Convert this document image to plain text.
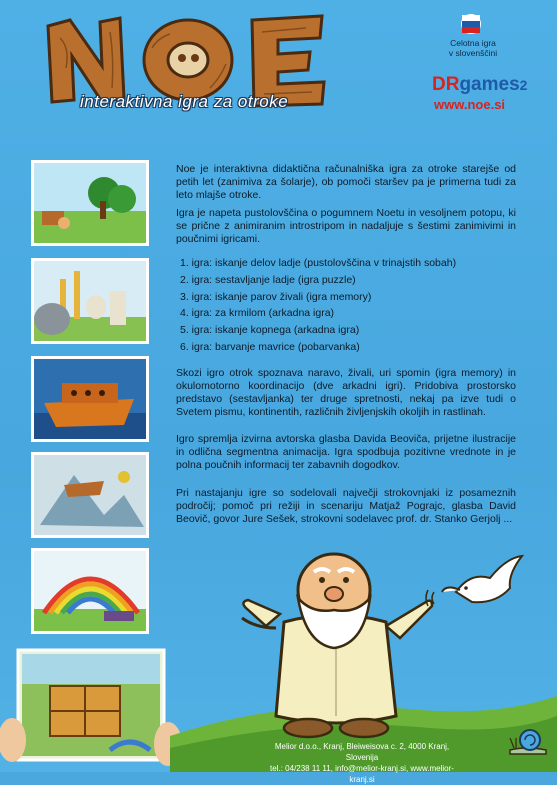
interaktivna igra za otroke
Celotna igra
v slovenščini
DRgames2
www.noe.si

Noe je interaktivna didaktična računalniška igra za otroke starejše od petih let (zanimiva za šolarje), ob pomoči staršev pa je primerna tudi za leto mlajše otroke.

Igra je napeta pustolovščina o pogumnem Noetu in vesoljnem potopu, ki se prične z animiranim introstripom in nadaljuje s šestimi zanimivimi in poučnimi igricami.

1. igra: iskanje delov ladje (pustolovščina v trinajstih sobah)
2. igra: sestavljanje ladje (igra puzzle)
3. igra: iskanje parov živali (igra memory)
4. igra: za krmilom (arkadna igra)
5. igra: iskanje kopnega (arkadna igra)
6. igra: barvanje mavrice (pobarvanka)

Skozi igro otrok spoznava naravo, živali, uri spomin (igra memory) in okulomotorno koordinacijo (dve arkadni igri). Pridobiva prostorsko predstavo (sestavljanka) ter druge spretnosti, nekaj pa izve tudi o Svetem pismu, kontinentih, različnih življenjskih okoljih in rastlinah.

Igro spremlja izvirna avtorska glasba Davida Beoviča, prijetne ilustracije in odlična segmentna animacija. Igra spodbuja pozitivne vrednote in je polna poučnih informacij ter zabavnih dogodkov.

Pri nastajanju igre so sodelovali največji strokovnjaki iz posameznih področij; pomoč pri režiji in scenariju Matjaž Pograjc, glasba David Beovič, govor Jure Sešek, strokovni sodelavec prof. dr. Stanko Gerjolj ...

Melior d.o.o., Kranj, Bleiweisova c. 2, 4000 Kranj, Slovenija
tel.: 04/238 11 11, info@melior-kranj.si, www.melior-kranj.si
